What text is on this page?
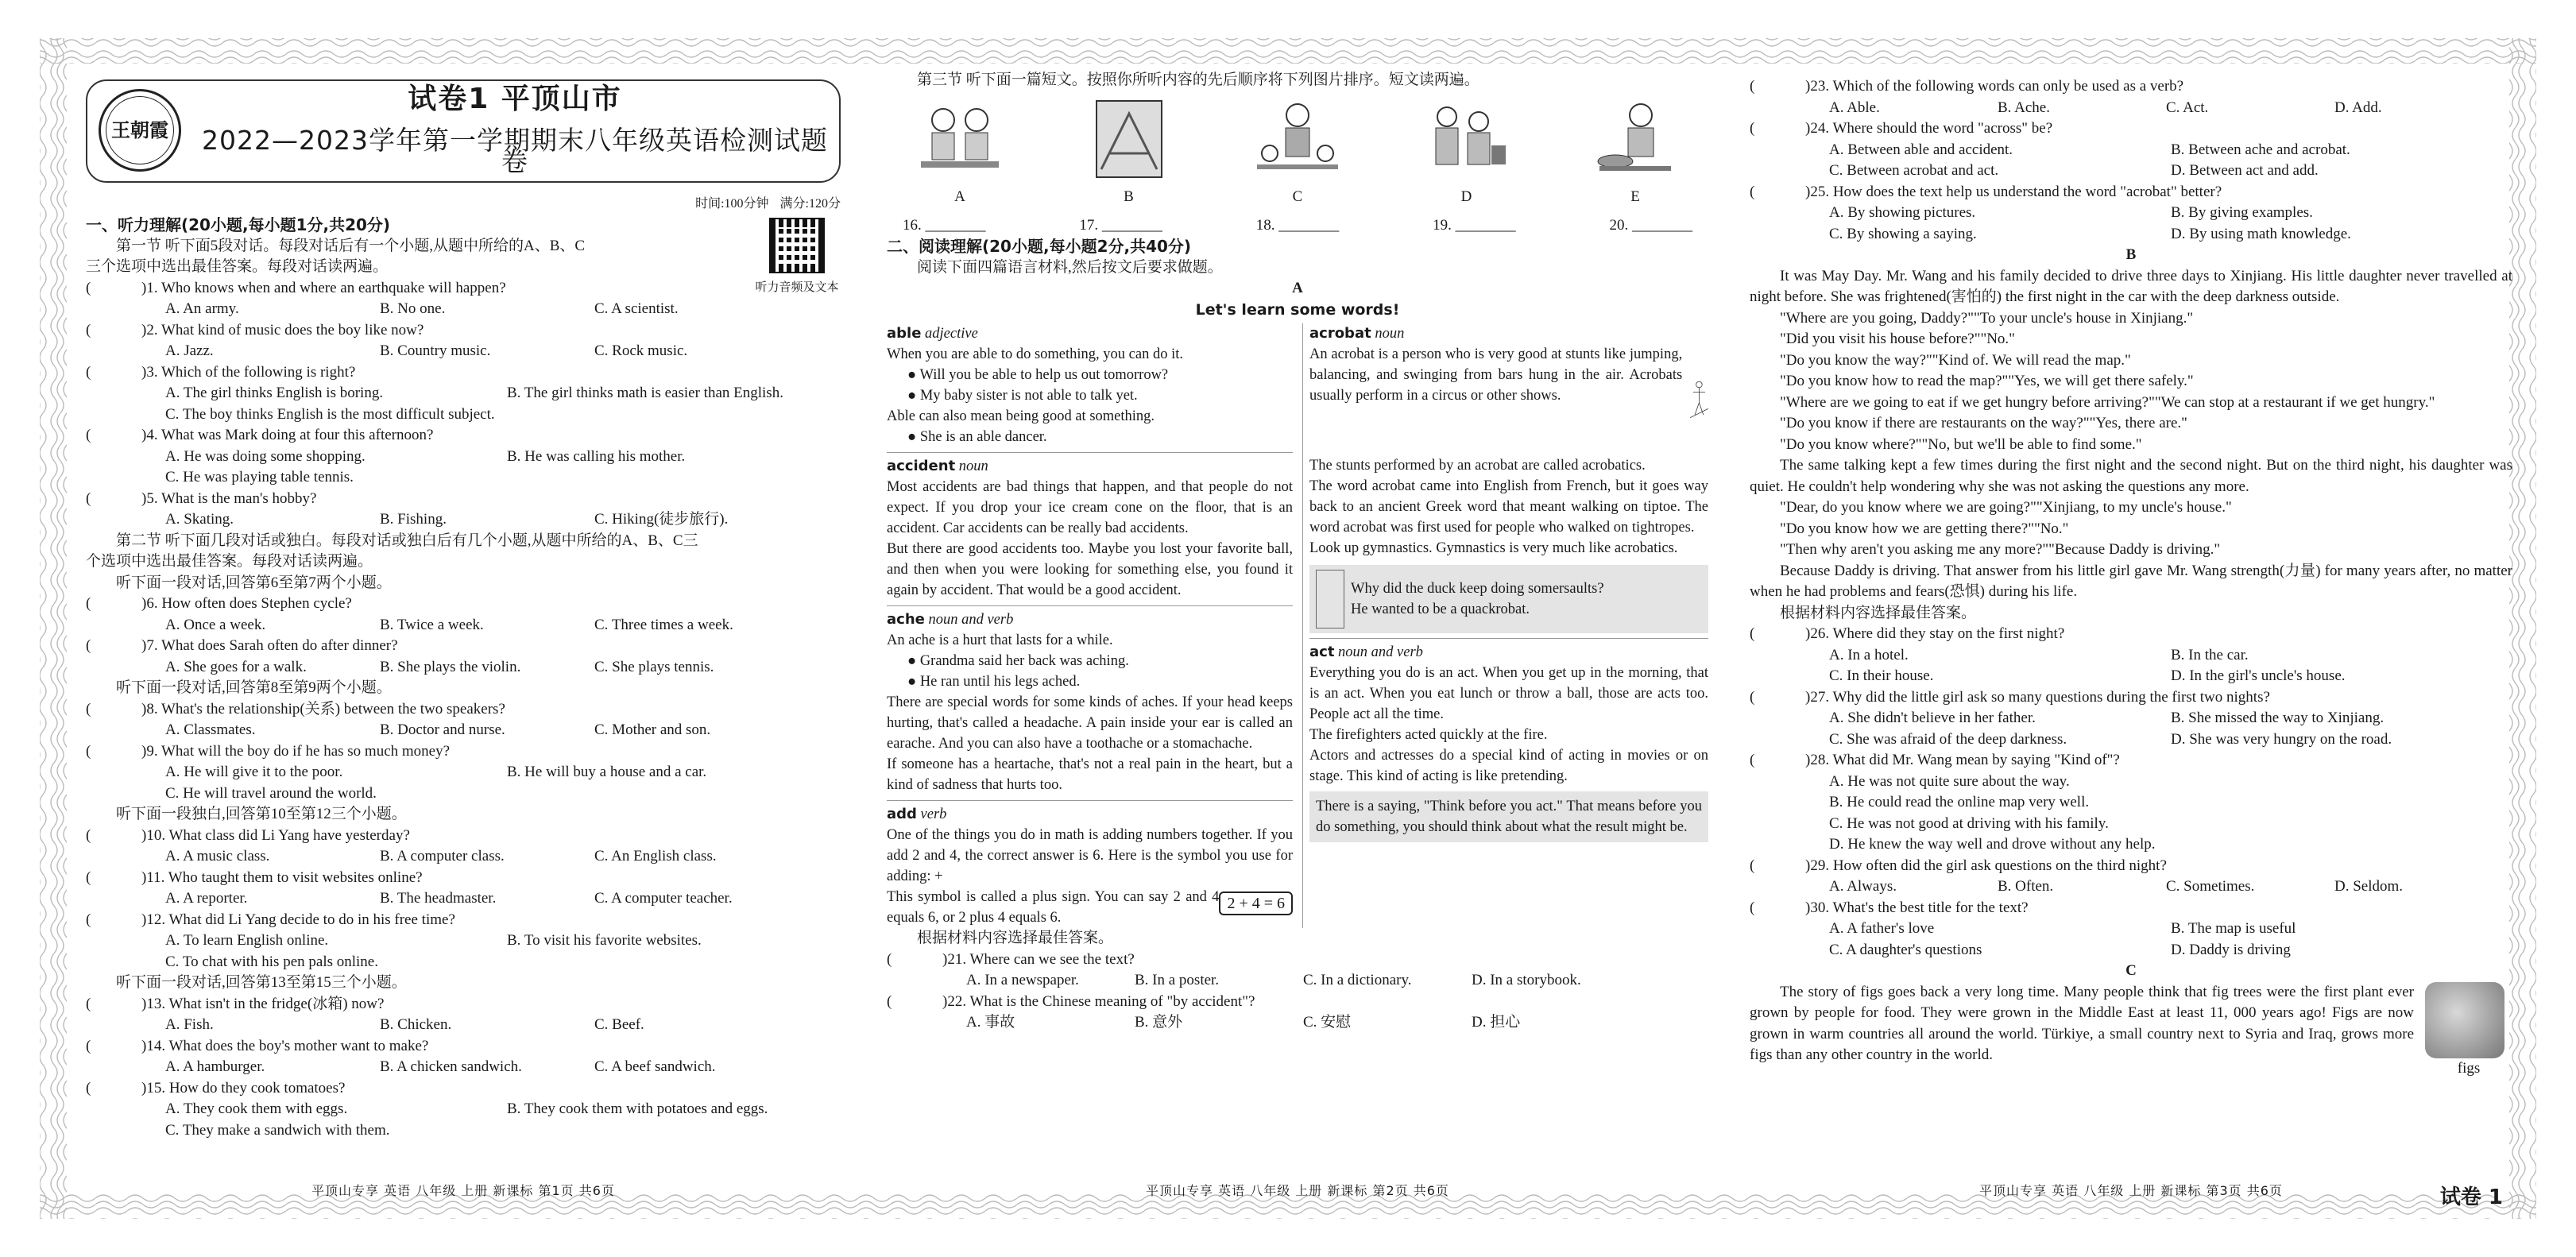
王朝霞
试卷1 平顶山市
2022—2023学年第一学期期末八年级英语检测试题卷
时间:100分钟 满分:120分
听力音频及文本
一、听力理解(20小题,每小题1分,共20分)
第一节 听下面5段对话。每段对话后有一个小题,从题中所给的A、B、C
三个选项中选出最佳答案。每段对话读两遍。
(	)1. Who knows when and where an earthquake will happen?
A. An army.	B. No one.	C. A scientist.
(	)2. What kind of music does the boy like now?
A. Jazz.	B. Country music.	C. Rock music.
(	)3. Which of the following is right?
A. The girl thinks English is boring.	B. The girl thinks math is easier than English.
C. The boy thinks English is the most difficult subject.
(	)4. What was Mark doing at four this afternoon?
A. He was doing some shopping.	B. He was calling his mother.
C. He was playing table tennis.
(	)5. What is the man's hobby?
A. Skating.	B. Fishing.	C. Hiking(徒步旅行).
第二节 听下面几段对话或独白。每段对话或独白后有几个小题,从题中所给的A、B、C三
个选项中选出最佳答案。每段对话读两遍。
听下面一段对话,回答第6至第7两个小题。
(	)6. How often does Stephen cycle?
A. Once a week.	B. Twice a week.	C. Three times a week.
(	)7. What does Sarah often do after dinner?
A. She goes for a walk.	B. She plays the violin.	C. She plays tennis.
听下面一段对话,回答第8至第9两个小题。
(	)8. What's the relationship(关系) between the two speakers?
A. Classmates.	B. Doctor and nurse.	C. Mother and son.
(	)9. What will the boy do if he has so much money?
A. He will give it to the poor.	B. He will buy a house and a car.
C. He will travel around the world.
听下面一段独白,回答第10至第12三个小题。
(	)10. What class did Li Yang have yesterday?
A. A music class.	B. A computer class.	C. An English class.
(	)11. Who taught them to visit websites online?
A. A reporter.	B. The headmaster.	C. A computer teacher.
(	)12. What did Li Yang decide to do in his free time?
A. To learn English online.	B. To visit his favorite websites.
C. To chat with his pen pals online.
听下面一段对话,回答第13至第15三个小题。
(	)13. What isn't in the fridge(冰箱) now?
A. Fish.	B. Chicken.	C. Beef.
(	)14. What does the boy's mother want to make?
A. A hamburger.	B. A chicken sandwich.	C. A beef sandwich.
(	)15. How do they cook tomatoes?
A. They cook them with eggs.	B. They cook them with potatoes and eggs.
C. They make a sandwich with them.
平顶山专享 英语 八年级 上册 新课标 第1页 共6页
第三节 听下面一篇短文。按照你所听内容的先后顺序将下列图片排序。短文读两遍。
A	B	C	D	E
16. ________	17. ________	18. ________	19. ________	20. ________
二、阅读理解(20小题,每小题2分,共40分)
阅读下面四篇语言材料,然后按文后要求做题。
A
Let's learn some words!
able adjective
When you are able to do something, you can do it.
● Will you be able to help us out tomorrow?
● My baby sister is not able to talk yet.
Able can also mean being good at something.
● She is an able dancer.
accident noun
Most accidents are bad things that happen, and that people do not expect. If you drop your ice cream cone on the floor, that is an accident. Car accidents can be really bad accidents.
But there are good accidents too. Maybe you lost your favorite ball, and then when you were looking for something else, you found it again by accident. That would be a good accident.
ache noun and verb
An ache is a hurt that lasts for a while.
● Grandma said her back was aching.
● He ran until his legs ached.
There are special words for some kinds of aches. If your head keeps hurting, that's called a headache. A pain inside your ear is called an earache. And you can also have a toothache or a stomachache.
If someone has a heartache, that's not a real pain in the heart, but a kind of sadness that hurts too.
add verb
One of the things you do in math is adding numbers together. If you add 2 and 4, the correct answer is 6. Here is the symbol you use for adding: +
2 + 4 = 6
This symbol is called a plus sign. You can say 2 and 4 equals 6, or 2 plus 4 equals 6.
acrobat noun
An acrobat is a person who is very good at stunts like jumping, balancing, and swinging from bars hung in the air. Acrobats usually perform in a circus or other shows.
The stunts performed by an acrobat are called acrobatics.
The word acrobat came into English from French, but it goes way back to an ancient Greek word that meant walking on tiptoe. The word acrobat was first used for people who walked on tightropes.
Look up gymnastics. Gymnastics is very much like acrobatics.
Why did the duck keep doing somersaults?
He wanted to be a quackrobat.
act noun and verb
Everything you do is an act. When you get up in the morning, that is an act. When you eat lunch or throw a ball, those are acts too. People act all the time.
The firefighters acted quickly at the fire.
Actors and actresses do a special kind of acting in movies or on stage. This kind of acting is like pretending.
There is a saying, "Think before you act." That means before you do something, you should think about what the result might be.
根据材料内容选择最佳答案。
(	)21. Where can we see the text?
A. In a newspaper.	B. In a poster.	C. In a dictionary.	D. In a storybook.
(	)22. What is the Chinese meaning of "by accident"?
A. 事故	B. 意外	C. 安慰	D. 担心
平顶山专享 英语 八年级 上册 新课标 第2页 共6页
(	)23. Which of the following words can only be used as a verb?
A. Able.	B. Ache.	C. Act.	D. Add.
(	)24. Where should the word "across" be?
A. Between able and accident.	B. Between ache and acrobat.
C. Between acrobat and act.	D. Between act and add.
(	)25. How does the text help us understand the word "acrobat" better?
A. By showing pictures.	B. By giving examples.
C. By showing a saying.	D. By using math knowledge.
B
It was May Day. Mr. Wang and his family decided to drive three days to Xinjiang. His little daughter never travelled at night before. She was frightened(害怕的) the first night in the car with the deep darkness outside.
"Where are you going, Daddy?""To your uncle's house in Xinjiang."
"Did you visit his house before?""No."
"Do you know the way?""Kind of. We will read the map."
"Do you know how to read the map?""Yes, we will get there safely."
"Where are we going to eat if we get hungry before arriving?""We can stop at a restaurant if we get hungry."
"Do you know if there are restaurants on the way?""Yes, there are."
"Do you know where?""No, but we'll be able to find some."
The same talking kept a few times during the first night and the second night. But on the third night, his daughter was quiet. He couldn't help wondering why she was not asking the questions any more.
"Dear, do you know where we are going?""Xinjiang, to my uncle's house."
"Do you know how we are getting there?""No."
"Then why aren't you asking me any more?""Because Daddy is driving."
Because Daddy is driving. That answer from his little girl gave Mr. Wang strength(力量) for many years after, no matter when he had problems and fears(恐惧) during his life.
根据材料内容选择最佳答案。
(	)26. Where did they stay on the first night?
A. In a hotel.	B. In the car.
C. In their house.	D. In the girl's uncle's house.
(	)27. Why did the little girl ask so many questions during the first two nights?
A. She didn't believe in her father.	B. She missed the way to Xinjiang.
C. She was afraid of the deep darkness.	D. She was very hungry on the road.
(	)28. What did Mr. Wang mean by saying "Kind of"?
A. He was not quite sure about the way.
B. He could read the online map very well.
C. He was not good at driving with his family.
D. He knew the way well and drove without any help.
(	)29. How often did the girl ask questions on the third night?
A. Always.	B. Often.	C. Sometimes.	D. Seldom.
(	)30. What's the best title for the text?
A. A father's love	B. The map is useful
C. A daughter's questions	D. Daddy is driving
C
The story of figs goes back a very long time. Many people think that fig trees were the first plant ever grown by people for food. They were grown in the Middle East at least 11, 000 years ago! Figs are now grown in warm countries all around the world. Türkiye, a small country next to Syria and Iraq, grows more figs than any other country in the world.
figs
平顶山专享 英语 八年级 上册 新课标 第3页 共6页	试卷 1
